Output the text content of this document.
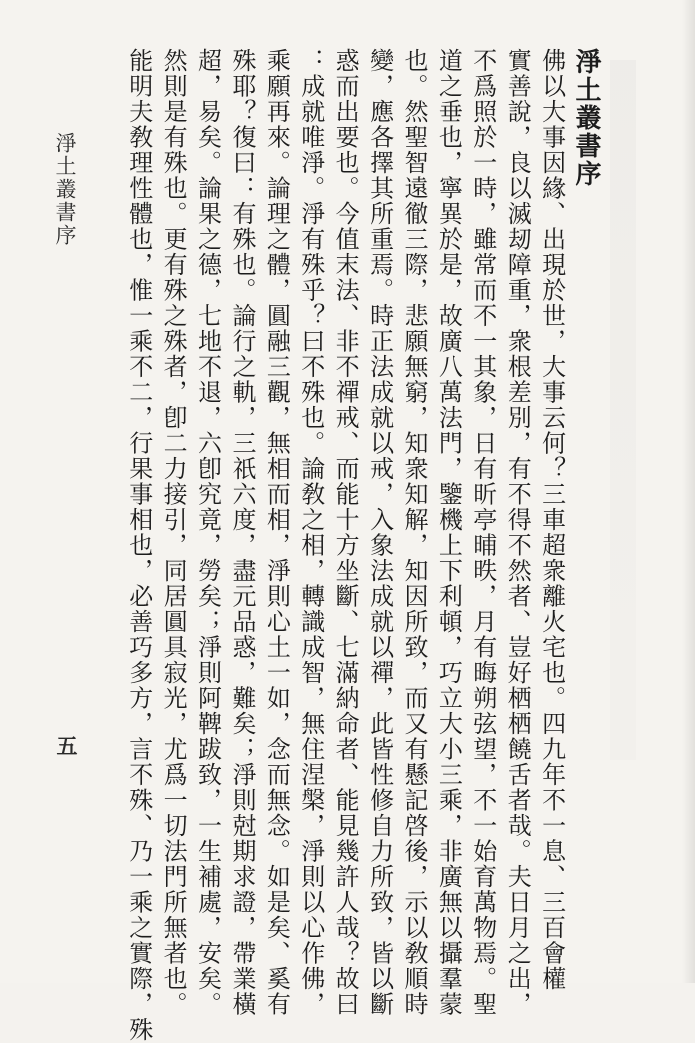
淨土叢書序
佛以大事因緣、出現於世，大事云何？三車超衆離火宅也。四九年不一息、三百會權
實善說，良以滅刼障重，衆根差別，有不得不然者、豈好栖栖饒舌者哉。夫日月之出，
不爲照於一時，雖常而不一其象，日有昕亭晡昳，月有晦朔弦望，不一始育萬物焉。聖
道之垂也，寧異於是，故廣八萬法門，鑒機上下利頓，巧立大小三乘，非廣無以攝羣蒙
也。然聖智遠徹三際，悲願無窮，知衆知解，知因所致，而又有懸記啓後，示以敎順時
變，應各擇其所重焉。時正法成就以戒，入象法成就以禪，此皆性修自力所致，皆以斷
惑而出要也。今值末法、非不禪戒、而能十方坐斷、七滿納命者、能見幾許人哉？故曰
：成就唯淨。淨有殊乎？曰不殊也。論敎之相，轉識成智，無住涅槃，淨則以心作佛，
乘願再來。論理之體，圓融三觀，無相而相，淨則心土一如，念而無念。如是矣、奚有
殊耶？復曰：有殊也。論行之軌，三祇六度，盡元品惑，難矣；淨則尅期求證，帶業橫
超，易矣。論果之德，七地不退，六卽究竟，勞矣；淨則阿鞞跋致，一生補處，安矣。
然則是有殊也。更有殊之殊者，卽二力接引，同居圓具寂光，尤爲一切法門所無者也。
能明夫敎理性體也，惟一乘不二，行果事相也，必善巧多方，言不殊、乃一乘之實際，殊
淨土叢書序
五
